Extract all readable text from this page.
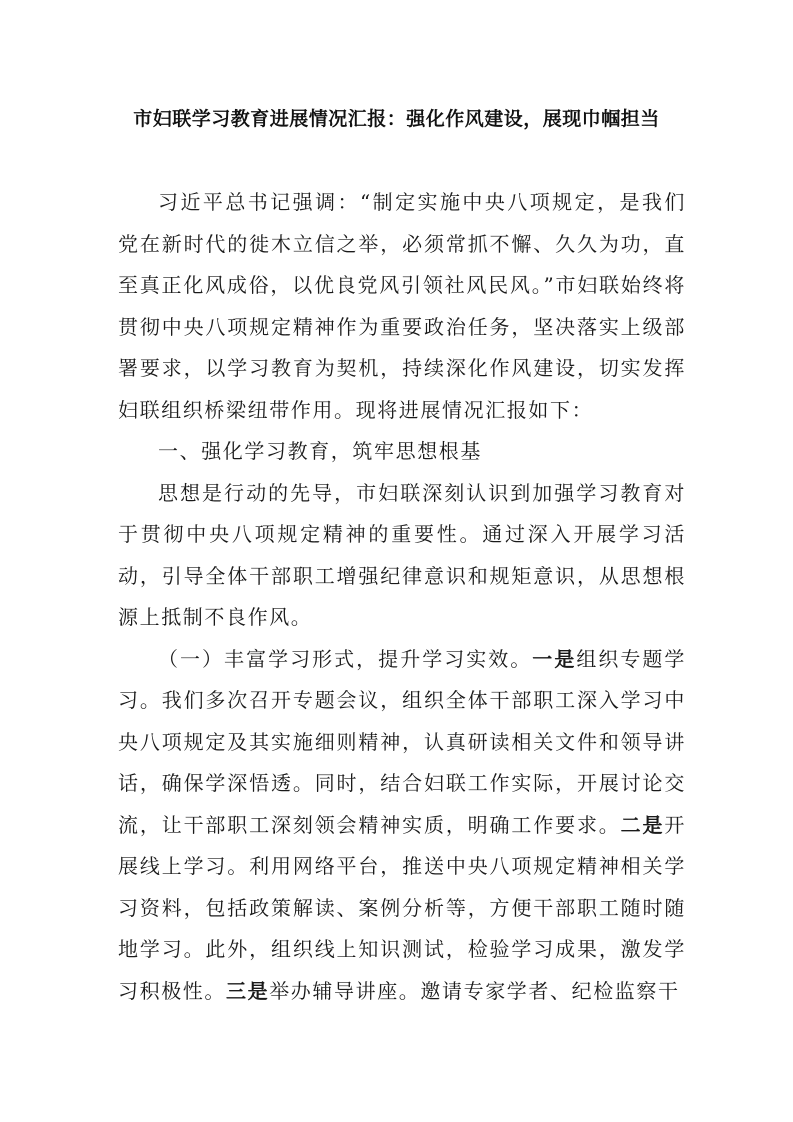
市妇联学习教育进展情况汇报：强化作风建设，展现巾帼担当

习近平总书记强调：“制定实施中央八项规定，是我们党在新时代的徙木立信之举，必须常抓不懈、久久为功，直至真正化风成俗，以优良党风引领社风民风。”市妇联始终将贯彻中央八项规定精神作为重要政治任务，坚决落实上级部署要求，以学习教育为契机，持续深化作风建设，切实发挥妇联组织桥梁纽带作用。现将进展情况汇报如下：

一、强化学习教育，筑牢思想根基

思想是行动的先导，市妇联深刻认识到加强学习教育对于贯彻中央八项规定精神的重要性。通过深入开展学习活动，引导全体干部职工增强纪律意识和规矩意识，从思想根源上抵制不良作风。

（一）丰富学习形式，提升学习实效。一是组织专题学习。我们多次召开专题会议，组织全体干部职工深入学习中央八项规定及其实施细则精神，认真研读相关文件和领导讲话，确保学深悟透。同时，结合妇联工作实际，开展讨论交流，让干部职工深刻领会精神实质，明确工作要求。二是开展线上学习。利用网络平台，推送中央八项规定精神相关学习资料，包括政策解读、案例分析等，方便干部职工随时随地学习。此外，组织线上知识测试，检验学习成果，激发学习积极性。三是举办辅导讲座。邀请专家学者、纪检监察干
